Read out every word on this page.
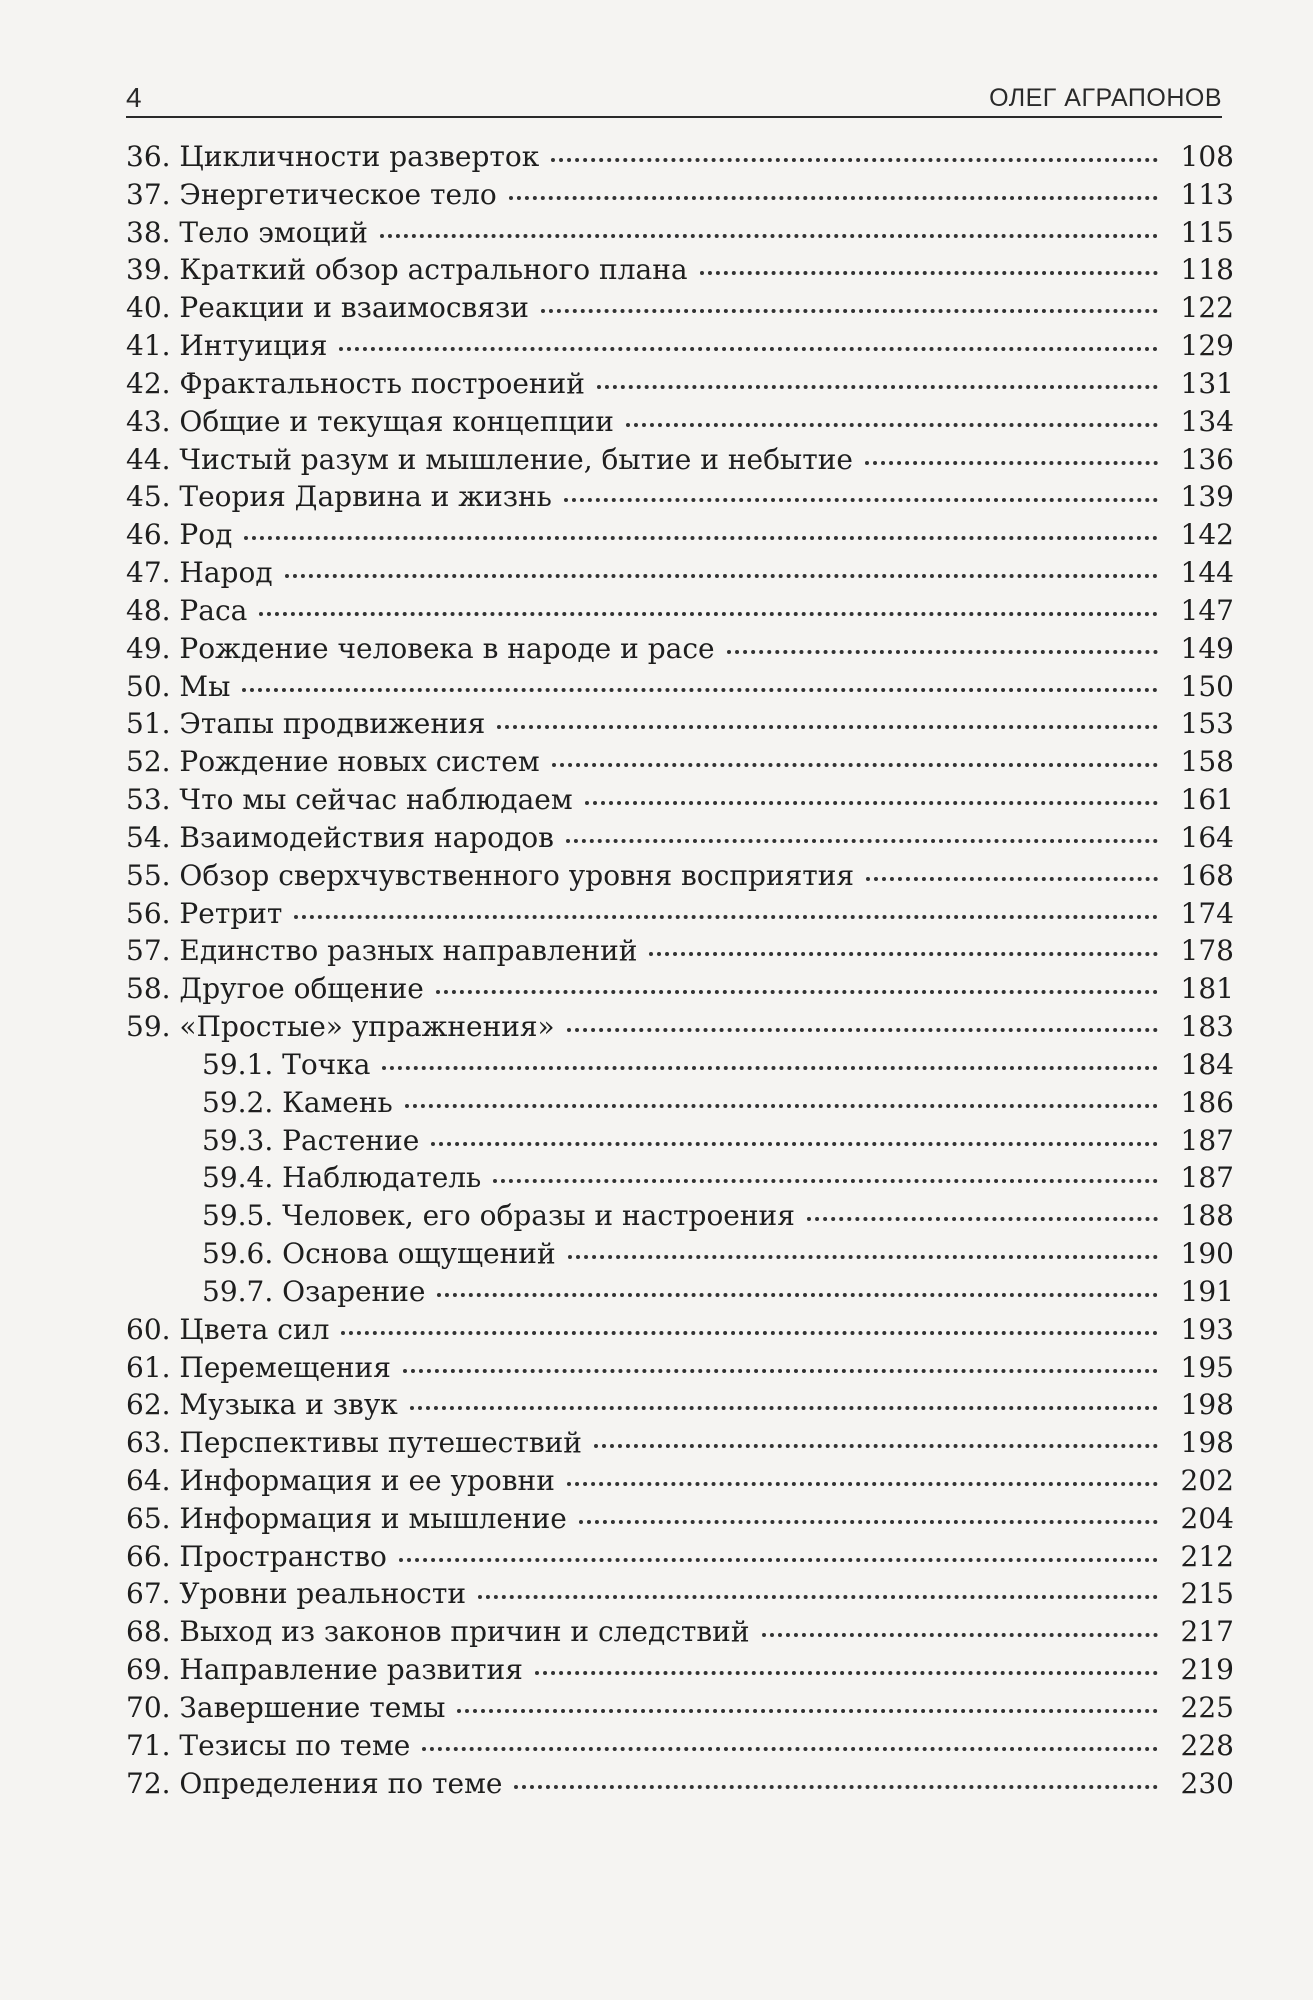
4	ОЛЕГ АГРАПОНОВ
36. Цикличности разверток	108
37. Энергетическое тело	113
38. Тело эмоций	115
39. Краткий обзор астрального плана	118
40. Реакции и взаимосвязи	122
41. Интуиция	129
42. Фрактальность построений	131
43. Общие и текущая концепции	134
44. Чистый разум и мышление, бытие и небытие	136
45. Теория Дарвина и жизнь	139
46. Род	142
47. Народ	144
48. Раса	147
49. Рождение человека в народе и расе	149
50. Мы	150
51. Этапы продвижения	153
52. Рождение новых систем	158
53. Что мы сейчас наблюдаем	161
54. Взаимодействия народов	164
55. Обзор сверхчувственного уровня восприятия	168
56. Ретрит	174
57. Единство разных направлений	178
58. Другое общение	181
59. «Простые» упражнения»	183
59.1. Точка	184
59.2. Камень	186
59.3. Растение	187
59.4. Наблюдатель	187
59.5. Человек, его образы и настроения	188
59.6. Основа ощущений	190
59.7. Озарение	191
60. Цвета сил	193
61. Перемещения	195
62. Музыка и звук	198
63. Перспективы путешествий	198
64. Информация и ее уровни	202
65. Информация и мышление	204
66. Пространство	212
67. Уровни реальности	215
68. Выход из законов причин и следствий	217
69. Направление развития	219
70. Завершение темы	225
71. Тезисы по теме	228
72. Определения по теме	230
